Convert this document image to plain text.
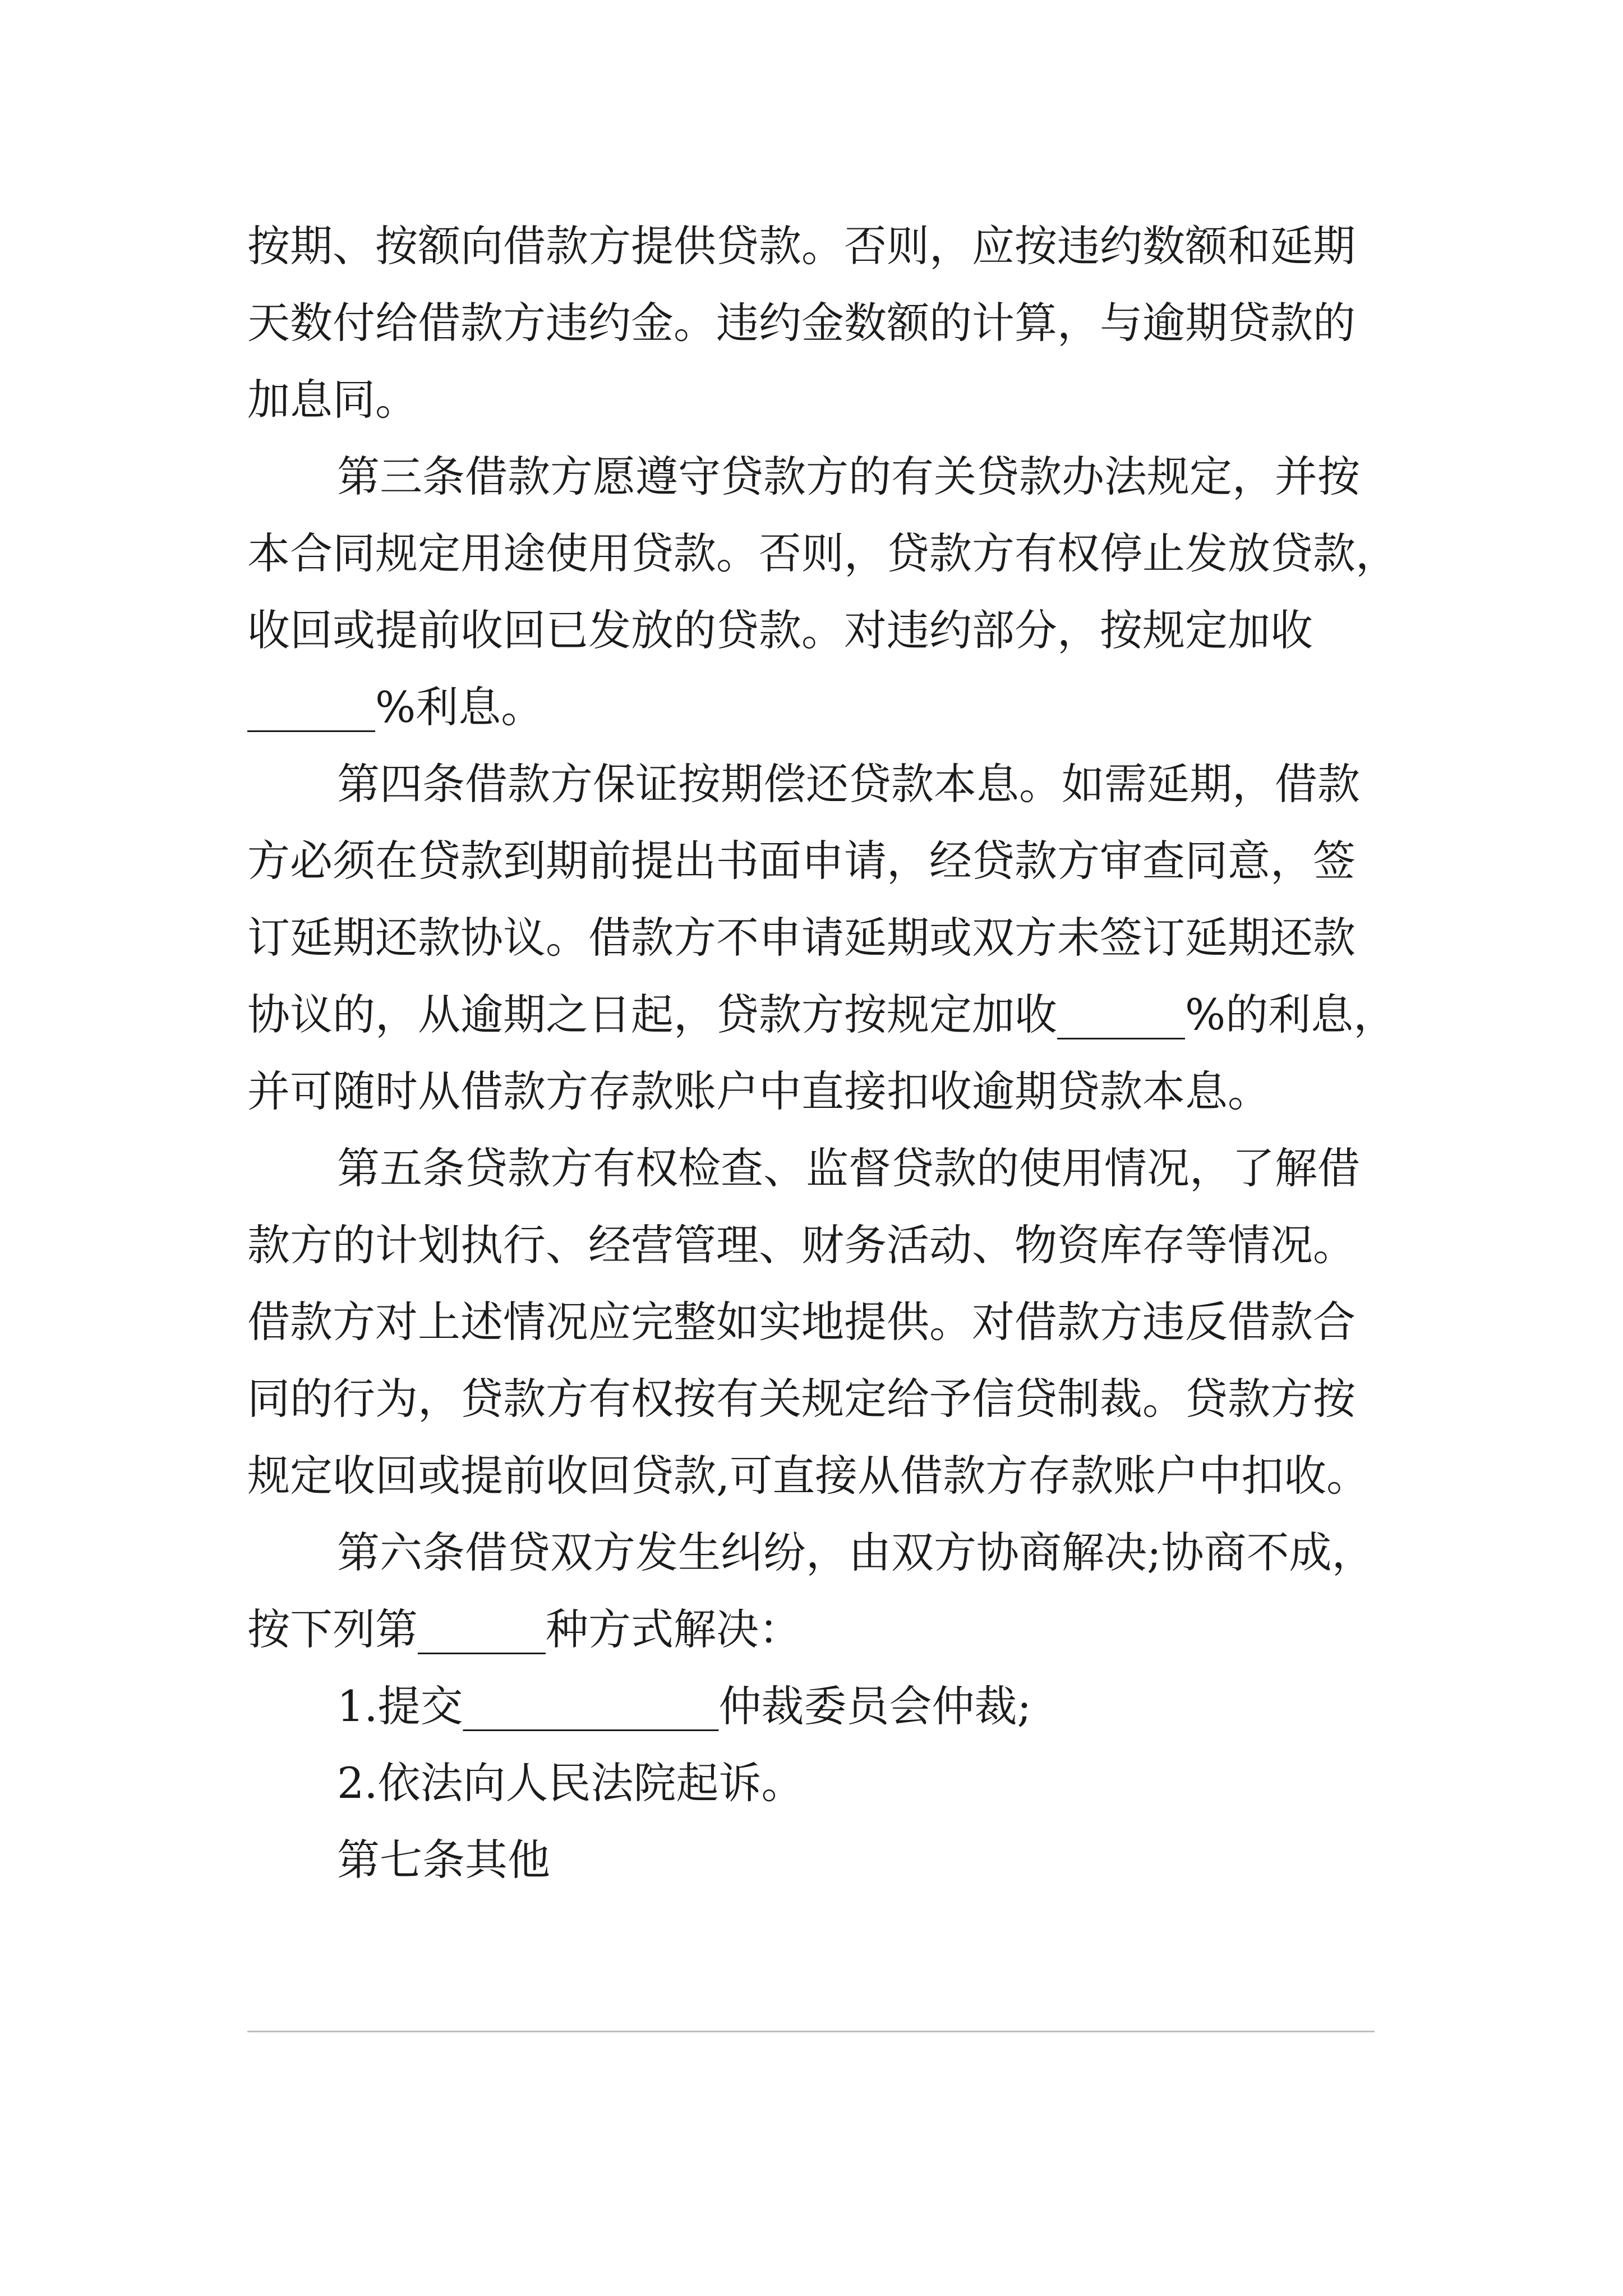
按期、按额向借款方提供贷款。否则，应按违约数额和延期
天数付给借款方违约金。违约金数额的计算，与逾期贷款的
加息同。
第三条借款方愿遵守贷款方的有关贷款办法规定，并按
本合同规定用途使用贷款。否则，贷款方有权停止发放贷款，
收回或提前收回已发放的贷款。对违约部分，按规定加收
______%利息。
第四条借款方保证按期偿还贷款本息。如需延期，借款
方必须在贷款到期前提出书面申请，经贷款方审查同意，签
订延期还款协议。借款方不申请延期或双方未签订延期还款
协议的，从逾期之日起，贷款方按规定加收______%的利息，
并可随时从借款方存款账户中直接扣收逾期贷款本息。
第五条贷款方有权检查、监督贷款的使用情况，了解借
款方的计划执行、经营管理、财务活动、物资库存等情况。
借款方对上述情况应完整如实地提供。对借款方违反借款合
同的行为，贷款方有权按有关规定给予信贷制裁。贷款方按
规定收回或提前收回贷款,可直接从借款方存款账户中扣收。
第六条借贷双方发生纠纷，由双方协商解决;协商不成，
按下列第______种方式解决：
1.提交____________仲裁委员会仲裁;
2.依法向人民法院起诉。
第七条其他
